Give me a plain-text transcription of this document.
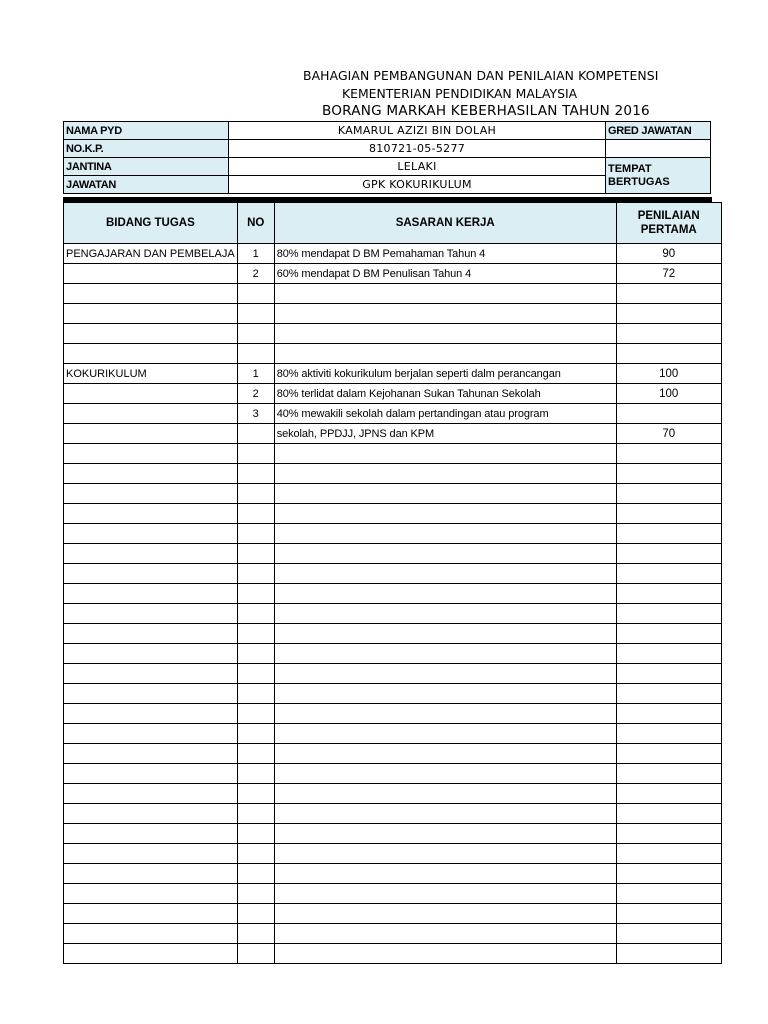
BAHAGIAN PEMBANGUNAN DAN PENILAIAN KOMPETENSI
KEMENTERIAN PENDIDIKAN MALAYSIA
BORANG MARKAH KEBERHASILAN TAHUN 2016
NAMA PYD	KAMARUL AZIZI BIN DOLAH	GRED JAWATAN
NO.K.P.	810721-05-5277	
JANTINA	LELAKI	TEMPAT BERTUGAS
JAWATAN	GPK KOKURIKULUM	
BIDANG TUGAS	NO	SASARAN KERJA	PENILAIAN PERTAMA
PENGAJARAN DAN PEMBELAJA	1	80% mendapat D BM Pemahaman Tahun 4	90
	2	60% mendapat D BM Penulisan Tahun 4	72

KOKURIKULUM	1	80% aktiviti kokurikulum berjalan seperti dalm perancangan	100
	2	80% terlidat dalam Kejohanan Sukan Tahunan Sekolah	100
	3	40% mewakili sekolah dalam pertandingan atau program	
		sekolah, PPDJJ, JPNS dan KPM	70
